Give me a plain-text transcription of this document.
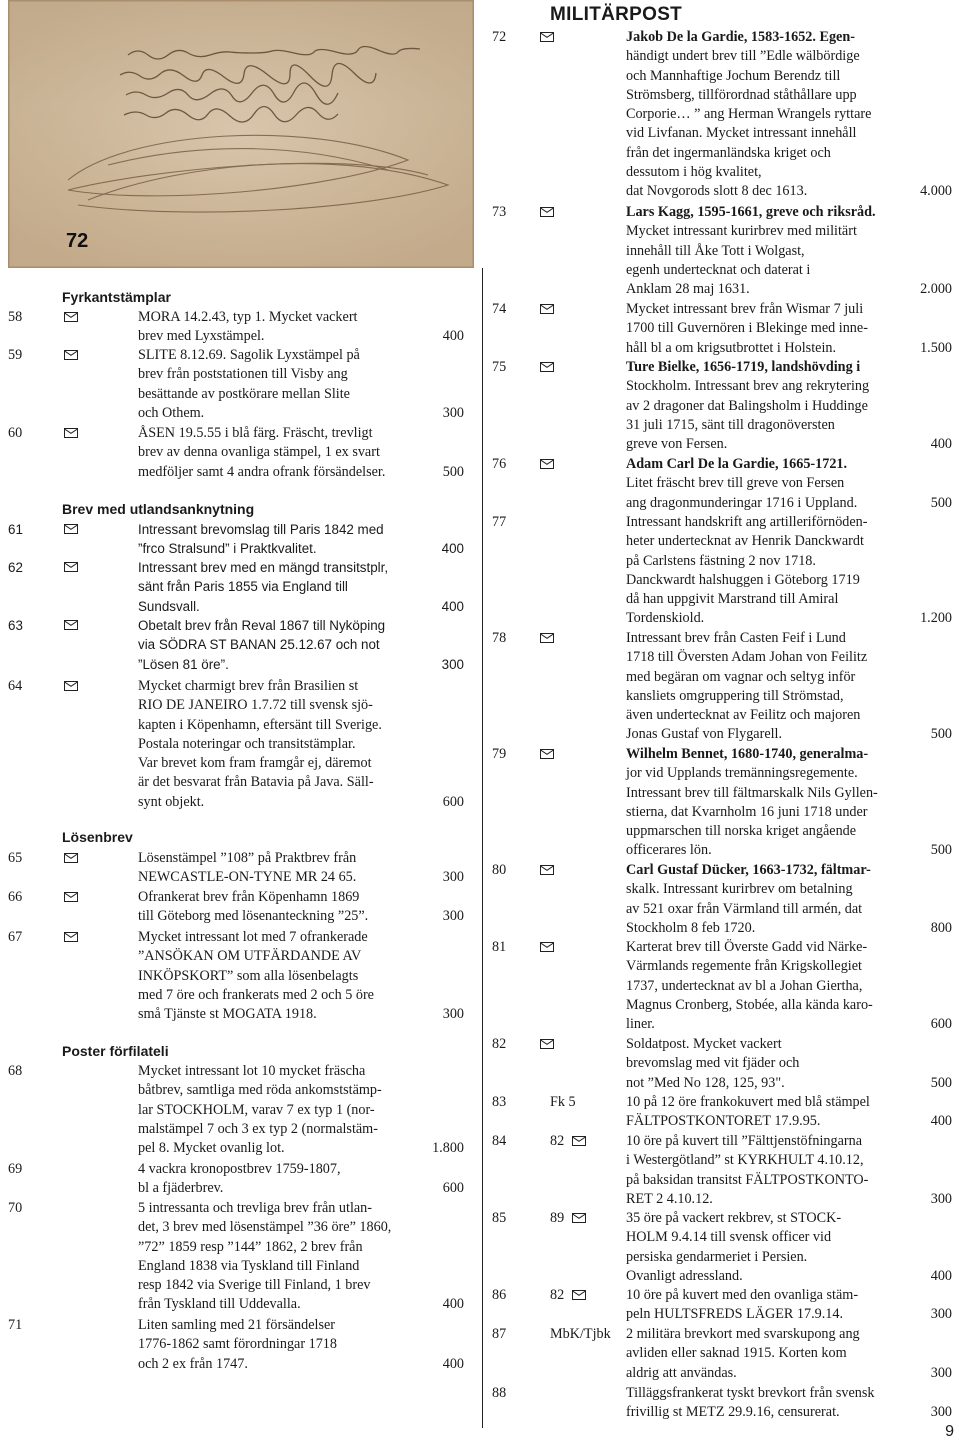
72
Fyrkantstämplar
58	MORA 14.2.43, typ 1. Mycket vackert
brev med Lyxstämpel.	400
59	SLITE 8.12.69. Sagolik Lyxstämpel på
brev från poststationen till Visby ang
besättande av postkörare mellan Slite
och Othem.	300
60	ÅSEN 19.5.55 i blå färg. Fräscht, trevligt
brev av denna ovanliga stämpel, 1 ex svart
medföljer samt 4 andra ofrank försändelser.	500
Brev med utlandsanknytning
61	Intressant brevomslag till Paris 1842 med
”frco Stralsund” i Praktkvalitet.	400
62	Intressant brev med en mängd transitstplr,
sänt från Paris 1855 via England till
Sundsvall.	400
63	Obetalt brev från Reval 1867 till Nyköping
via SÖDRA ST BANAN 25.12.67 och not
”Lösen 81 öre”.	300
64	Mycket charmigt brev från Brasilien st
RIO DE JANEIRO 1.7.72 till svensk sjö-
kapten i Köpenhamn, eftersänt till Sverige.
Postala noteringar och transitstämplar.
Var brevet kom fram framgår ej, däremot
är det besvarat från Batavia på Java. Säll-
synt objekt.	600
Lösenbrev
65	Lösenstämpel ”108” på Praktbrev från
NEWCASTLE-ON-TYNE MR 24 65.	300
66	Ofrankerat brev från Köpenhamn 1869
till Göteborg med lösenanteckning ”25”.	300
67	Mycket intressant lot med 7 ofrankerade
”ANSÖKAN OM UTFÄRDANDE AV
INKÖPSKORT” som alla lösenbelagts
med 7 öre och frankerats med 2 och 5 öre
små Tjänste st MOGATA 1918.	300
Poster förfilateli
68	Mycket intressant lot 10 mycket fräscha
båtbrev, samtliga med röda ankomststämp-
lar STOCKHOLM, varav 7 ex typ 1 (nor-
malstämpel 7 och 3 ex typ 2 (normalstäm-
pel 8. Mycket ovanlig lot.	1.800
69	4 vackra kronopostbrev 1759-1807,
bl a fjäderbrev.	600
70	5 intressanta och trevliga brev från utlan-
det, 3 brev med lösenstämpel ”36 öre” 1860,
”72” 1859 resp ”144” 1862, 2 brev från
England 1838 via Tyskland till Finland
resp 1842 via Sverige till Finland, 1 brev
från Tyskland till Uddevalla.	400
71	Liten samling med 21 försändelser
1776-1862 samt förordningar 1718
och 2 ex från 1747.	400
MILITÄRPOST
72	Jakob De la Gardie, 1583-1652. Egen-
händigt undert brev till ”Edle wälbördige
och Mannhaftige Jochum Berendz till
Strömsberg, tillförordnad ståthållare upp
Corporie… ” ang Herman Wrangels ryttare
vid Livfanan. Mycket intressant innehåll
från det ingermanländska kriget och
dessutom i hög kvalitet,
dat Novgorods slott 8 dec 1613.	4.000
73	Lars Kagg, 1595-1661, greve och riksråd.
Mycket intressant kurirbrev med militärt
innehåll till Åke Tott i Wolgast,
egenh undertecknat och daterat i
Anklam 28 maj 1631.	2.000
74	Mycket intressant brev från Wismar 7 juli
1700 till Guvernören i Blekinge med inne-
håll bl a om krigsutbrottet i Holstein.	1.500
75	Ture Bielke, 1656-1719, landshövding i
Stockholm. Intressant brev ang rekrytering
av 2 dragoner dat Balingsholm i Huddinge
31 juli 1715, sänt till dragonöversten
greve von Fersen.	400
76	Adam Carl De la Gardie, 1665-1721.
Litet fräscht brev till greve von Fersen
ang dragonmunderingar 1716 i Uppland.	500
77	Intressant handskrift ang artilleriförnöden-
heter undertecknat av Henrik Danckwardt
på Carlstens fästning 2 nov 1718.
Danckwardt halshuggen i Göteborg 1719
då han uppgivit Marstrand till Amiral
Tordenskiold.	1.200
78	Intressant brev från Casten Feif i Lund
1718 till Översten Adam Johan von Feilitz
med begäran om vagnar och seltyg inför
kansliets omgruppering till Strömstad,
även undertecknat av Feilitz och majoren
Jonas Gustaf von Flygarell.	500
79	Wilhelm Bennet, 1680-1740, generalma-
jor vid Upplands tremänningsregemente.
Intressant brev till fältmarskalk Nils Gyllen-
stierna, dat Kvarnholm 16 juni 1718 under
uppmarschen till norska kriget angående
officerares lön.	500
80	Carl Gustaf Dücker, 1663-1732, fältmar-
skalk. Intressant kurirbrev om betalning
av 521 oxar från Värmland till armén, dat
Stockholm 8 feb 1720.	800
81	Karterat brev till Överste Gadd vid Närke-
Värmlands regemente från Krigskollegiet
1737, undertecknat av bl a Johan Giertha,
Magnus Cronberg, Stobée, alla kända karo-
liner.	600
82	Soldatpost. Mycket vackert
brevomslag med vit fjäder och
not ”Med No 128, 125, 93".	500
83	Fk 5	10 på 12 öre frankokuvert med blå stämpel
FÄLTPOSTKONTORET 17.9.95.	400
84	82	10 öre på kuvert till ”Fälttjenstöfningarna
i Westergötland” st KYRKHULT 4.10.12,
på baksidan transitst FÄLTPOSTKONTO-
RET 2 4.10.12.	300
85	89	35 öre på vackert rekbrev, st STOCK-
HOLM 9.4.14 till svensk officer vid
persiska gendarmeriet i Persien.
Ovanligt adressland.	400
86	82	10 öre på kuvert med den ovanliga stäm-
peln HULTSFREDS LÄGER 17.9.14.	300
87	MbK/Tjbk 2 militära brevkort med svarskupong ang
avliden eller saknad 1915. Korten kom
aldrig att användas.	300
88	Tilläggsfrankerat tyskt brevkort från svensk
frivillig st METZ 29.9.16, censurerat.	300
9
